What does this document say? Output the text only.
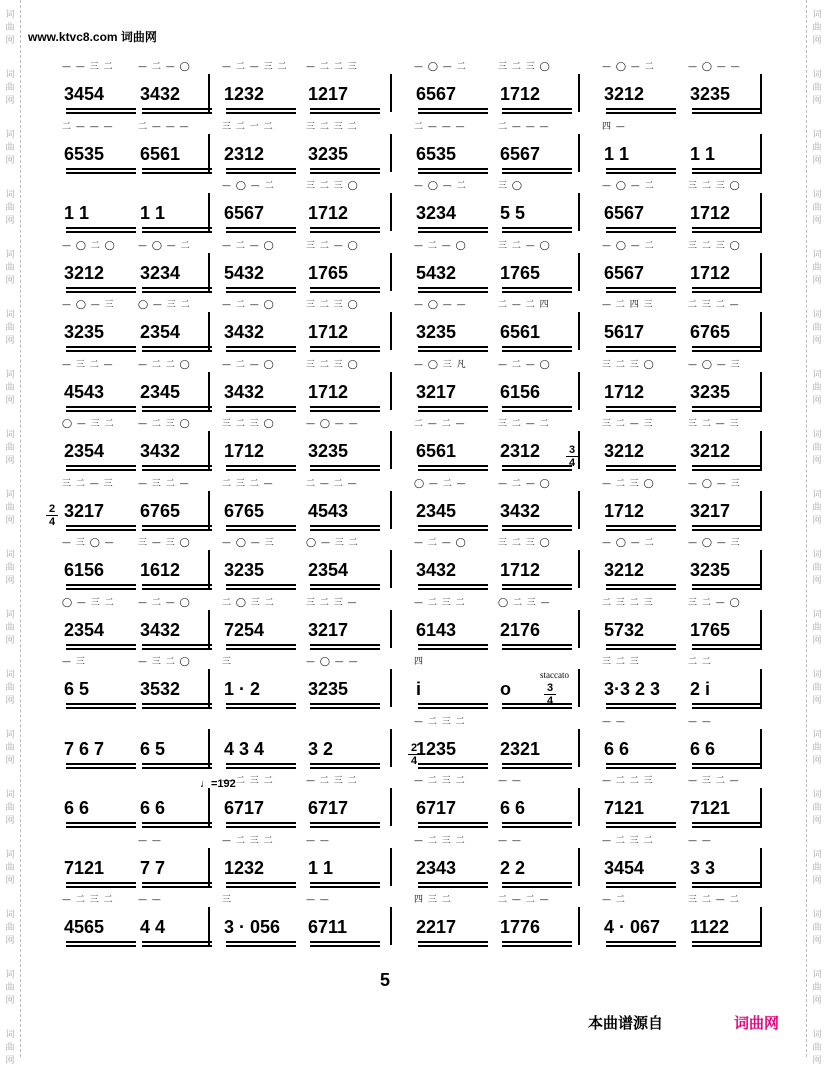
词
曲
网
词
曲
网
词
曲
网
词
曲
网
词
曲
网
词
曲
网
词
曲
网
词
曲
网
词
曲
网
词
曲
网
词
曲
网
词
曲
网
词
曲
网
词
曲
网
词
曲
网
词
曲
网
词
曲
网
词
曲
网
词
曲
网
词
曲
网
词
曲
网
词
曲
网
词
曲
网
词
曲
网
词
曲
网
词
曲
网
词
曲
网
词
曲
网
词
曲
网
词
曲
网
词
曲
网
词
曲
网
词
曲
网
词
曲
网
词
曲
网
词
曲
网
www.ktvc8.com 词曲网
— — 三 二
3454
— 二 — ◯
3432
— 二 — 三 二
1232
— 二 二 三
1217
— ◯ — 二
6567
三 二 三 ◯
1712
— ◯ — 二
3212
— ◯ — —
3235
二 — — —
6535
二 — — —
6561
三 二 一 二
2312
三 二 三 二
3235
二 — — —
6535
二 — — —
6567
四 —
1 1	1 1
1 1	1 1
— ◯ — 二
6567
三 二 三 ◯
1712
— ◯ — 二
3234
三 ◯
5 5
— ◯ — 二
6567
三 二 三 ◯
1712
— ◯ 二 ◯
3212
— ◯ — 二
3234
— 二 — ◯
5432
三 二 — ◯
1765
— 二 — ◯
5432
三 二 — ◯
1765
— ◯ — 二
6567
三 二 三 ◯
1712
— ◯ — 三
3235
◯ — 三 二
2354
— 二 — ◯
3432
三 二 三 ◯
1712
— ◯ — —
3235
二 — 二 四
6561
— 二 四 三
5617
二 三 二 —
6765
— 三 二 —
4543
— 二 二 ◯
2345
— 二 — ◯
3432
三 二 三 ◯
1712
— ◯ 三 凡
3217
— 二 — ◯
6156
三 二 三 ◯
1712
— ◯ — 三
3235
◯ — 三 二
2354
— 二 三 ◯
3432
三 二 三 ◯
1712
— ◯ — —
3235
二 — 二 —
6561
三 二 — 二
2312
三 二 — 三
3212
三 二 — 三
3212
三 二 — 三
3217
— 三 二 —
6765
二 三 二 —
6765
二 — 二 —
4543
◯ — 二 —
2345
— 二 — ◯
3432
— 二 三 ◯
1712
— ◯ — 三
3217
— 三 ◯ —
6156
三 — 三 ◯
1612
— ◯ — 三
3235
◯ — 三 二
2354
— 二 — ◯
3432
三 二 三 ◯
1712
— ◯ — 二
3212
— ◯ — 三
3235
◯ — 三 二
2354
— 二 — ◯
3432
二 ◯ 三 二
7254
三 二 三 —
3217
— 二 三 二
6143
◯ 二 三 —
2176
二 三 二 三
5732
三 二 — ◯
1765
— 三
6 5
— 三 二 ◯
3532
三
1 · 2
— ◯ — —
3235
四
i	o
三 二 三
3·3 2 3
二 二
2 i
7 6 7 6 5	4 3 4 3 2
— 二 三 二
1235 2321
— —
6 6
— —
6 6
6 6	6 6
— 二 三 二
6717
— 二 三 二
6717
— 二 三 二
6717
— —
6 6
— 二 二 三
7121
— 三 二 —
7121
7121
— —
7 7
— 二 三 二
1232
— —
1 1
— 二 三 二
2343
— —
2 2
— 二 三 二
3454
— —
3 3
— 二 三 二
4565
— —
4 4
三
3 · 056
— —
6711
四 三 二
2217
二 — 二 —
1776
— 二
4 · 067
三 二 — 二
1122
3
4
2
4
3
4
2
4
staccato
♩=192
5
本曲谱源自	词曲网
